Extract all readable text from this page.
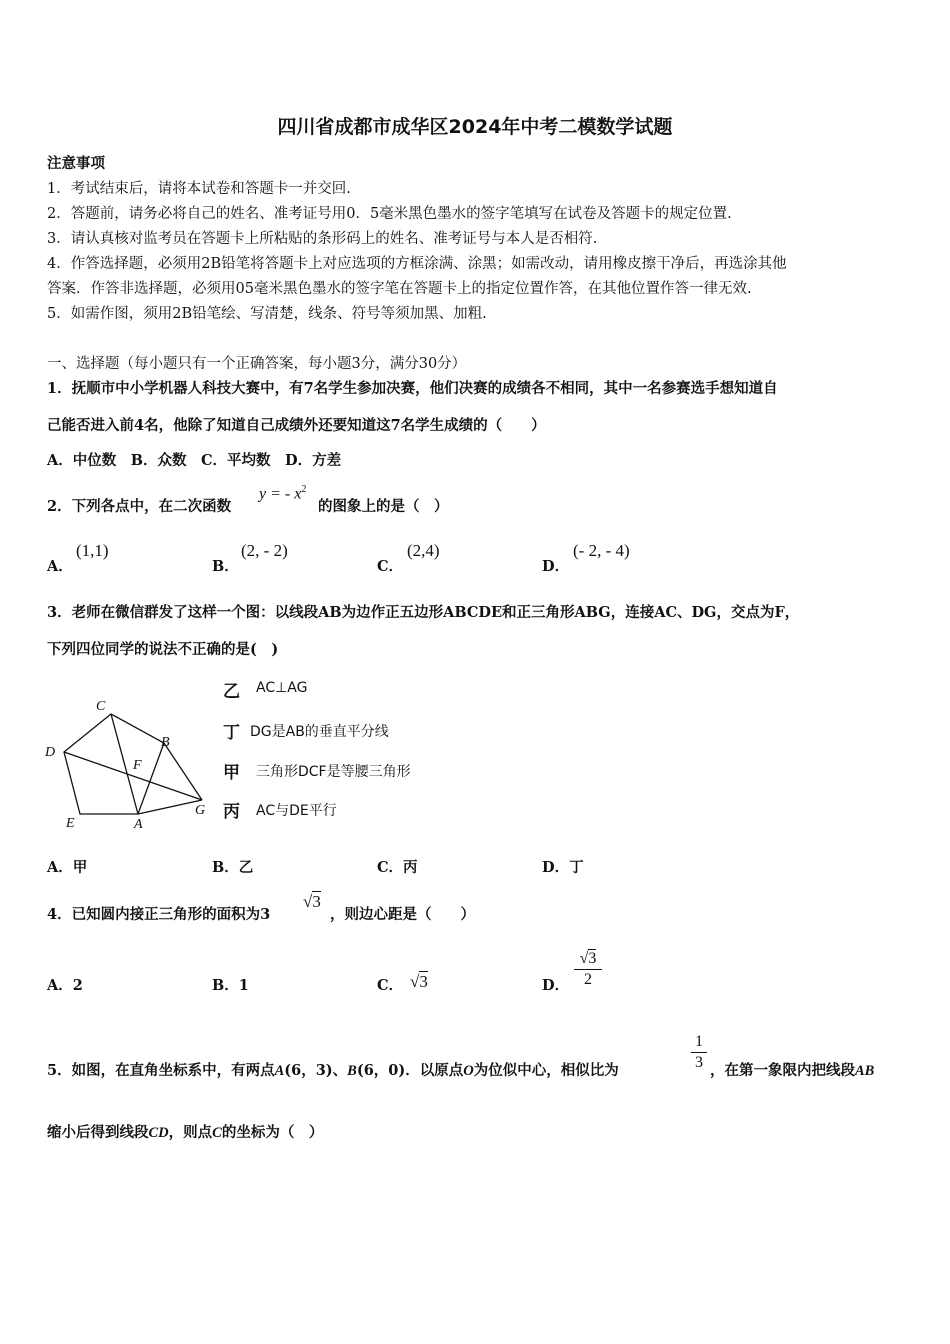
四川省成都市成华区2024年中考二模数学试题
注意事项
1．考试结束后，请将本试卷和答题卡一并交回.
2．答题前，请务必将自己的姓名、准考证号用0．5毫米黑色墨水的签字笔填写在试卷及答题卡的规定位置.
3．请认真核对监考员在答题卡上所粘贴的条形码上的姓名、准考证号与本人是否相符.
4．作答选择题，必须用2B铅笔将答题卡上对应选项的方框涂满、涂黑；如需改动，请用橡皮擦干净后，再选涂其他
答案．作答非选择题，必须用05毫米黑色墨水的签字笔在答题卡上的指定位置作答，在其他位置作答一律无效.
5．如需作图，须用2B铅笔绘、写清楚，线条、符号等须加黑、加粗.
一、选择题（每小题只有一个正确答案，每小题3分，满分30分）
1．抚顺市中小学机器人科技大赛中，有7名学生参加决赛，他们决赛的成绩各不相同，其中一名参赛选手想知道自
己能否进入前4名，他除了知道自己成绩外还要知道这7名学生成绩的（　　）
A．中位数　B．众数　C．平均数　D．方差
2．下列各点中，在二次函数
y = - $x^2$
的图象上的是（　）
A．
(1,1)
B．
(2, - 2)
C．
(2,4)
D．
(- 2, - 4)
3．老师在微信群发了这样一个图：以线段AB为边作正五边形ABCDE和正三角形ABG，连接AC、DG，交点为F，
下列四位同学的说法不正确的是(　)
C
B
D
F
G
E	A
乙 AC⊥AG
丁 DG是AB的垂直平分线
甲 三角形DCF是等腰三角形
丙 AC与DE平行
A．甲	B．乙	C．丙	D．丁
4．已知圆内接正三角形的面积为3
√3
，则边心距是（　　）
A．2	B．1	C． √3	D．
√3
2
5．如图，在直角坐标系中，有两点A(6，3)、B(6，0)．以原点O为位似中心，相似比为
1
3 ，在第一象限内把线段AB
缩小后得到线段CD，则点C的坐标为（　）
